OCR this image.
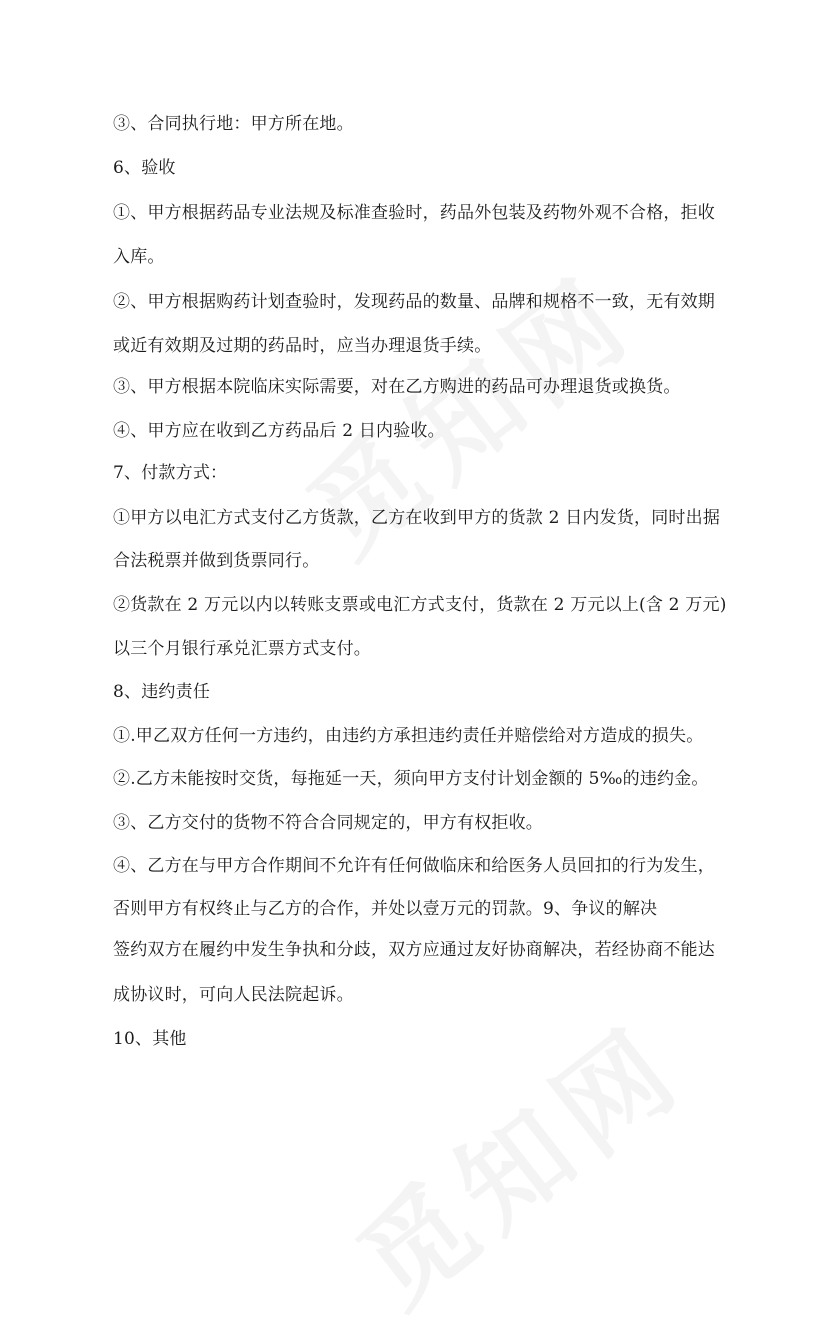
③、合同执行地：甲方所在地。
6、验收
①、甲方根据药品专业法规及标准查验时，药品外包装及药物外观不合格，拒收
入库。
②、甲方根据购药计划查验时，发现药品的数量、品牌和规格不一致，无有效期
或近有效期及过期的药品时，应当办理退货手续。
③、甲方根据本院临床实际需要，对在乙方购进的药品可办理退货或换货。
④、甲方应在收到乙方药品后 2 日内验收。
7、付款方式：
①甲方以电汇方式支付乙方货款，乙方在收到甲方的货款 2 日内发货，同时出据
合法税票并做到货票同行。
②货款在 2 万元以内以转账支票或电汇方式支付，货款在 2 万元以上(含 2 万元)
以三个月银行承兑汇票方式支付。
8、违约责任
①.甲乙双方任何一方违约，由违约方承担违约责任并赔偿给对方造成的损失。
②.乙方未能按时交货，每拖延一天，须向甲方支付计划金额的 5‰的违约金。
③、乙方交付的货物不符合合同规定的，甲方有权拒收。
④、乙方在与甲方合作期间不允许有任何做临床和给医务人员回扣的行为发生，
否则甲方有权终止与乙方的合作，并处以壹万元的罚款。9、争议的解决
签约双方在履约中发生争执和分歧，双方应通过友好协商解决，若经协商不能达
成协议时，可向人民法院起诉。
10、其他
